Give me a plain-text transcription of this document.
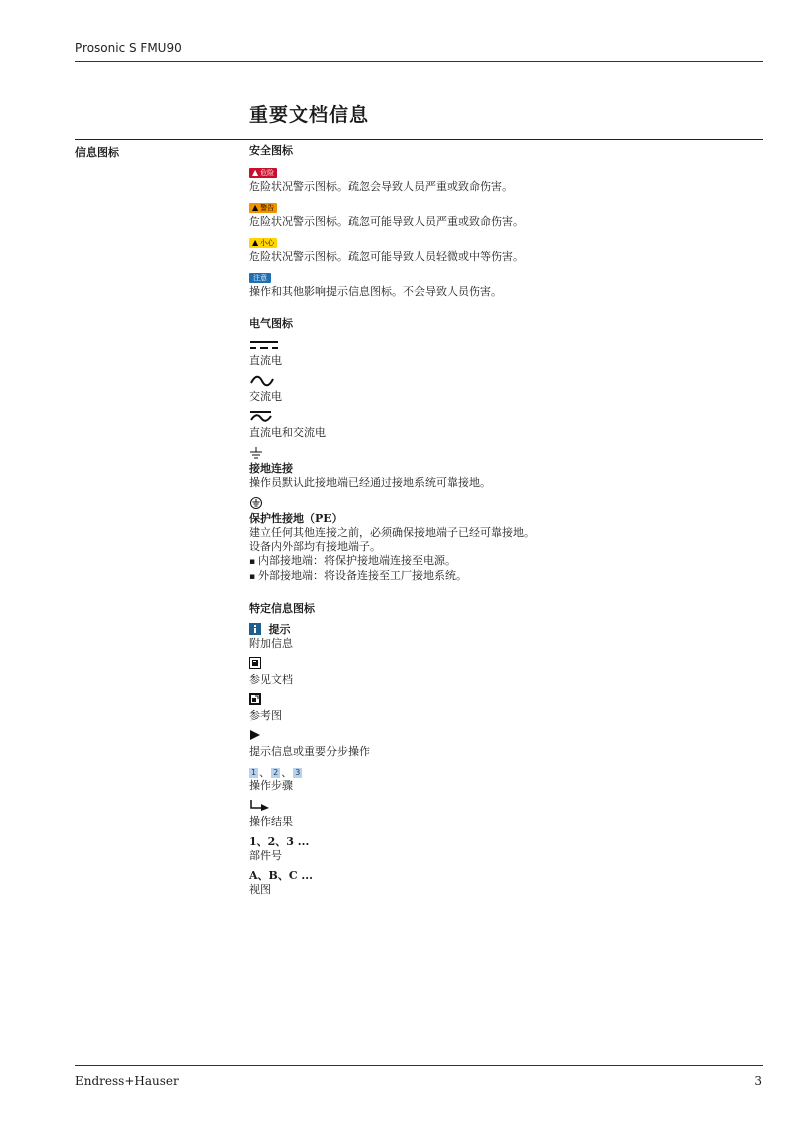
Prosonic S FMU90
重要文档信息
信息图标	安全图标
▲ 危险
危险状况警示图标。疏忽会导致人员严重或致命伤害。
▲ 警告
危险状况警示图标。疏忽可能导致人员严重或致命伤害。
▲ 小心
危险状况警示图标。疏忽可能导致人员轻微或中等伤害。
注意
操作和其他影响提示信息图标。不会导致人员伤害。
电气图标
直流电
交流电
直流电和交流电
接地连接
操作员默认此接地端已经通过接地系统可靠接地。
保护性接地（PE）
建立任何其他连接之前，必须确保接地端子已经可靠接地。
设备内外部均有接地端子。
▪ 内部接地端：将保护接地端连接至电源。
▪ 外部接地端：将设备连接至工厂接地系统。
特定信息图标
提示
附加信息
参见文档
参考图
提示信息或重要分步操作
1 、 2 、 3
操作步骤
操作结果
1、2、3 ...
部件号
A、B、C ...
视图
Endress+Hauser	3
